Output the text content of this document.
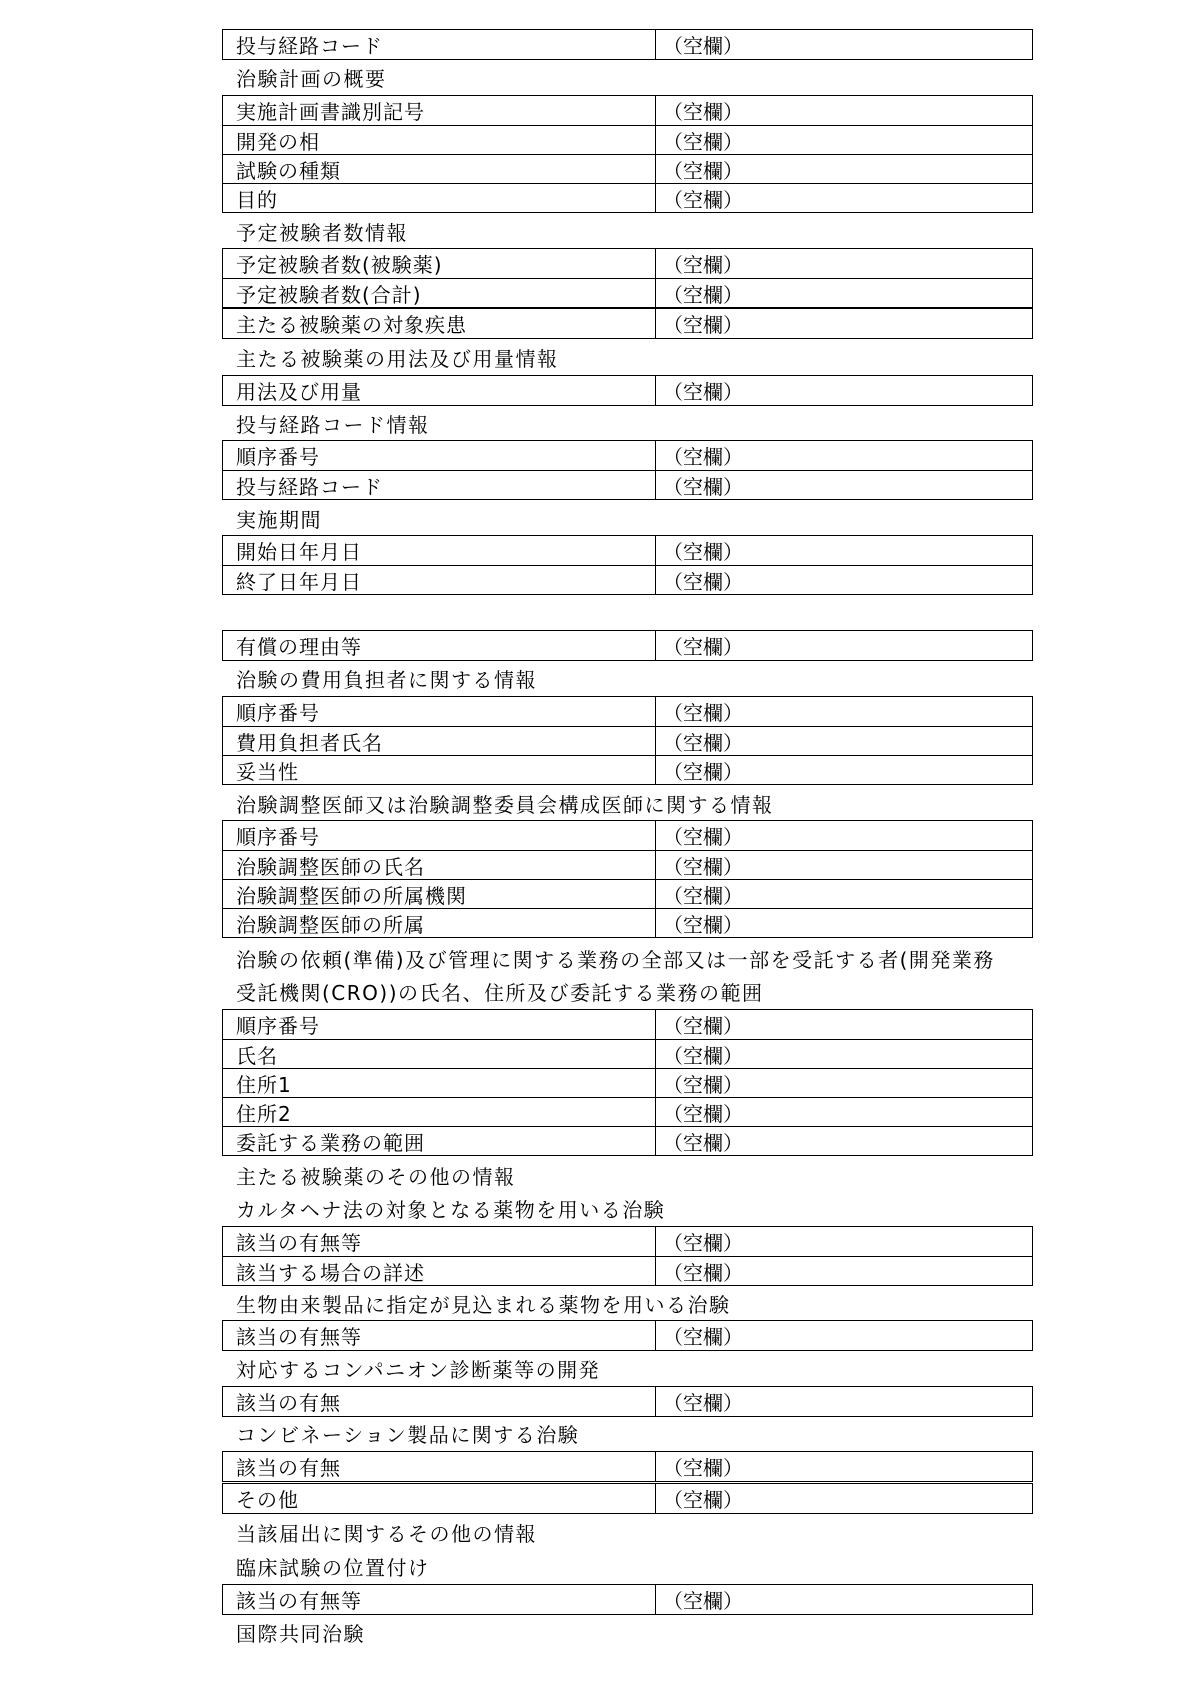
投与経路コード	（空欄）
治験計画の概要
実施計画書識別記号	（空欄）
開発の相	（空欄）
試験の種類	（空欄）
目的	（空欄）
予定被験者数情報
予定被験者数(被験薬)	（空欄）
予定被験者数(合計)	（空欄）
主たる被験薬の対象疾患	（空欄）
主たる被験薬の用法及び用量情報
用法及び用量	（空欄）
投与経路コード情報
順序番号	（空欄）
投与経路コード	（空欄）
実施期間
開始日年月日	（空欄）
終了日年月日	（空欄）
有償の理由等	（空欄）
治験の費用負担者に関する情報
順序番号	（空欄）
費用負担者氏名	（空欄）
妥当性	（空欄）
治験調整医師又は治験調整委員会構成医師に関する情報
順序番号	（空欄）
治験調整医師の氏名	（空欄）
治験調整医師の所属機関	（空欄）
治験調整医師の所属	（空欄）
治験の依頼(準備)及び管理に関する業務の全部又は一部を受託する者(開発業務
受託機関(CRO))の氏名、住所及び委託する業務の範囲
順序番号	（空欄）
氏名	（空欄）
住所1	（空欄）
住所2	（空欄）
委託する業務の範囲	（空欄）
主たる被験薬のその他の情報
カルタヘナ法の対象となる薬物を用いる治験
該当の有無等	（空欄）
該当する場合の詳述	（空欄）
生物由来製品に指定が見込まれる薬物を用いる治験
該当の有無等	（空欄）
対応するコンパニオン診断薬等の開発
該当の有無	（空欄）
コンビネーション製品に関する治験
該当の有無	（空欄）
その他	（空欄）
当該届出に関するその他の情報
臨床試験の位置付け
該当の有無等	（空欄）
国際共同治験
